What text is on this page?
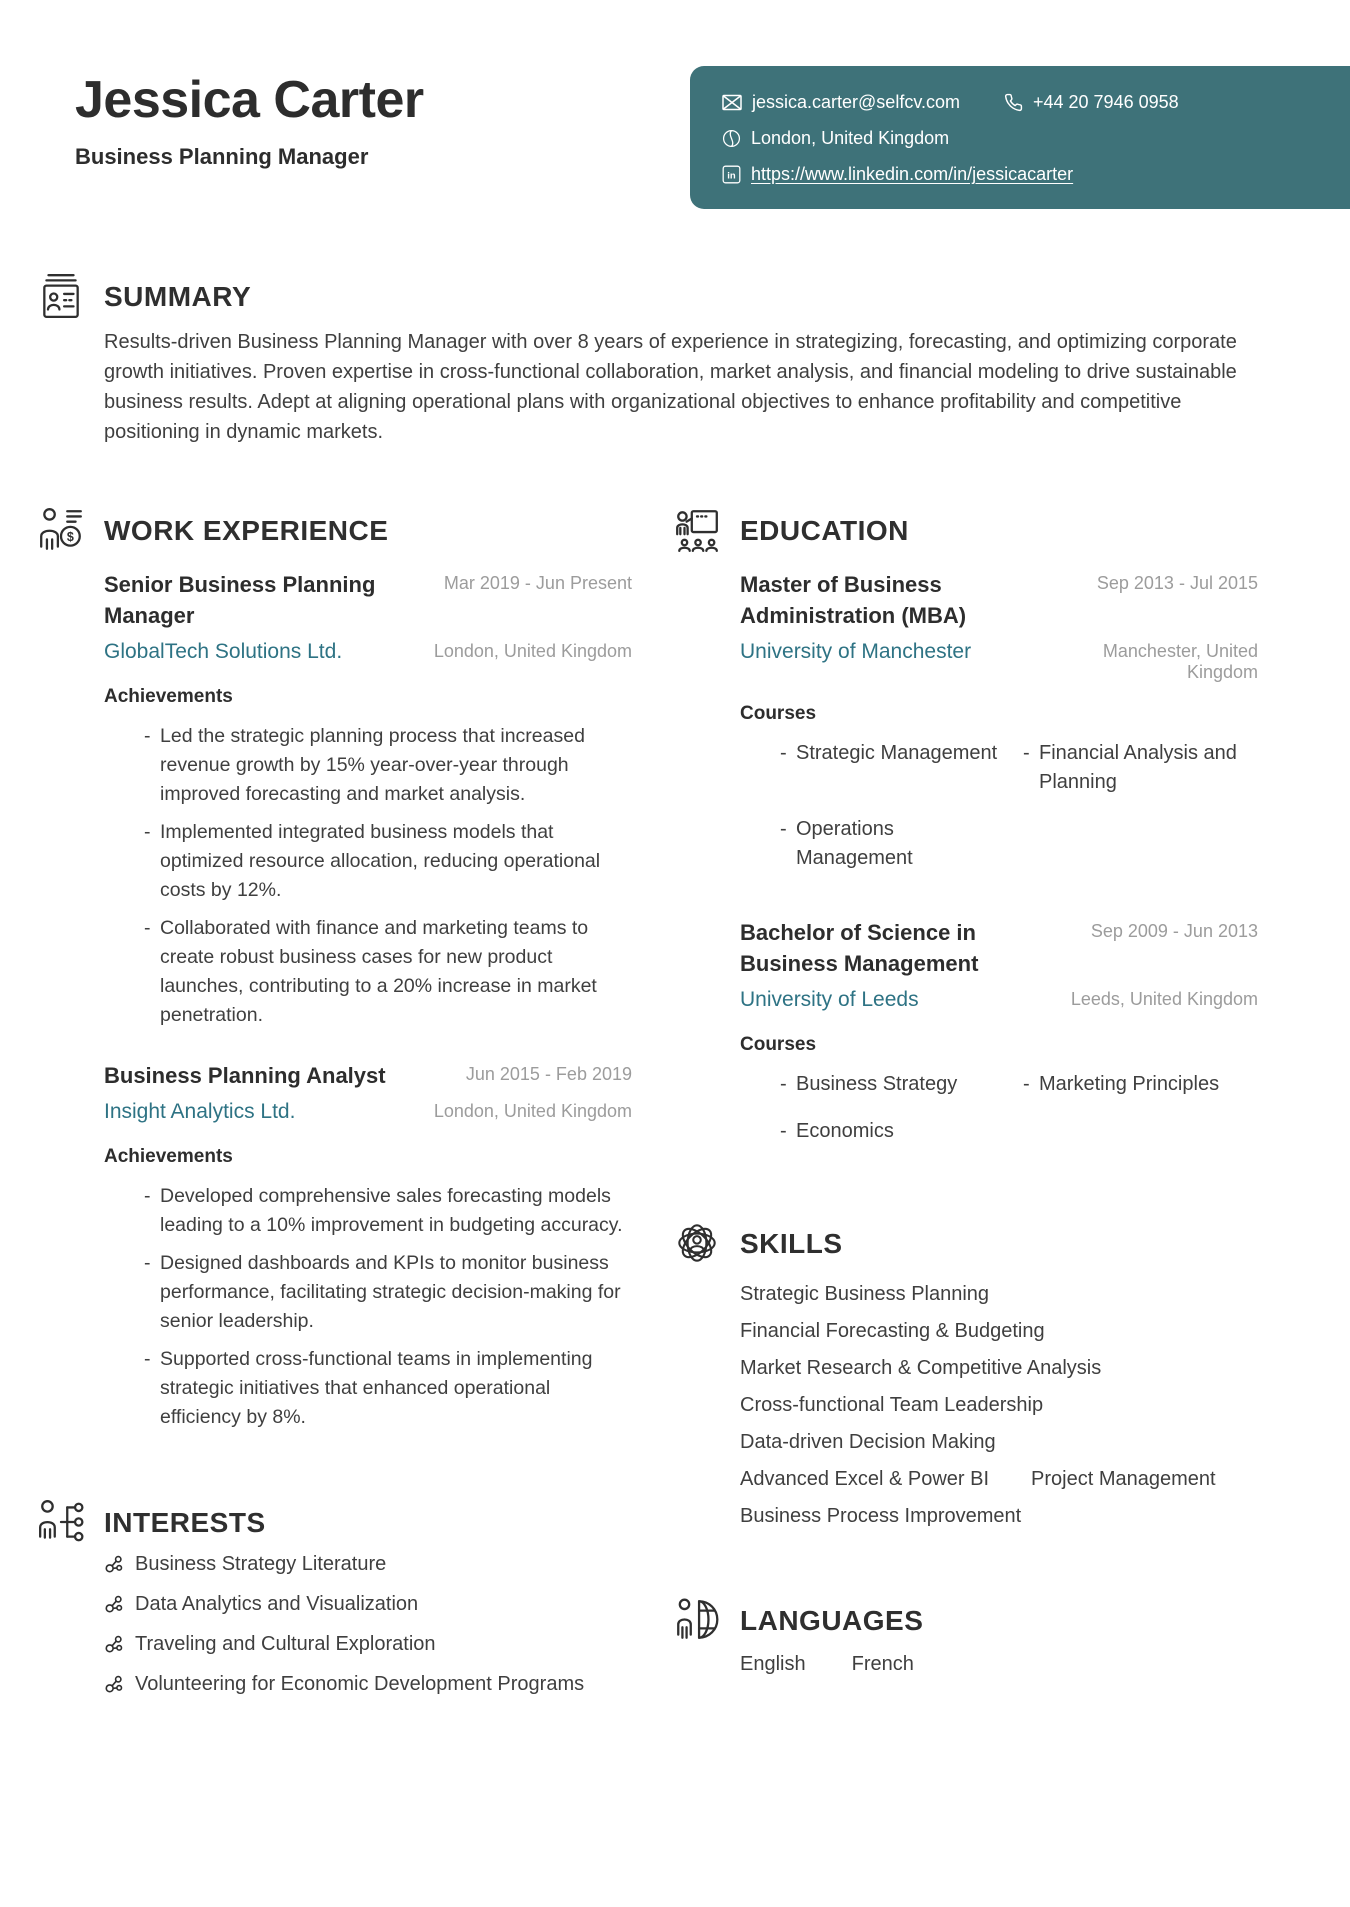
Jessica Carter
Business Planning Manager
jessica.carter@selfcv.com	+44 20 7946 0958
London, United Kingdom
in https://www.linkedin.com/in/jessicacarter
SUMMARY
Results-driven Business Planning Manager with over 8 years of experience in strategizing, forecasting, and optimizing corporate growth initiatives. Proven expertise in cross-functional collaboration, market analysis, and financial modeling to drive sustainable business results. Adept at aligning operational plans with organizational objectives to enhance profitability and competitive positioning in dynamic markets.
$ WORK EXPERIENCE
Senior Business Planning Manager
Mar 2019 - Jun Present
GlobalTech Solutions Ltd.	London, United Kingdom
Achievements
- Led the strategic planning process that increased revenue growth by 15% year-over-year through improved forecasting and market analysis.
- Implemented integrated business models that optimized resource allocation, reducing operational costs by 12%.
- Collaborated with finance and marketing teams to create robust business cases for new product launches, contributing to a 20% increase in market penetration.
Business Planning Analyst	Jun 2015 - Feb 2019
Insight Analytics Ltd.	London, United Kingdom
Achievements
- Developed comprehensive sales forecasting models leading to a 10% improvement in budgeting accuracy.
- Designed dashboards and KPIs to monitor business performance, facilitating strategic decision-making for senior leadership.
- Supported cross-functional teams in implementing strategic initiatives that enhanced operational efficiency by 8%.
INTERESTS
Business Strategy Literature
Data Analytics and Visualization
Traveling and Cultural Exploration
Volunteering for Economic Development Programs
EDUCATION
Master of Business Administration (MBA)
Sep 2013 - Jul 2015
University of Manchester	Manchester, United Kingdom
Courses
- Strategic Management	- Financial Analysis and Planning
- Operations Management
Bachelor of Science in Business Management
Sep 2009 - Jun 2013
University of Leeds	Leeds, United Kingdom
Courses
- Business Strategy	- Marketing Principles
- Economics
SKILLS
Strategic Business Planning
Financial Forecasting & Budgeting
Market Research & Competitive Analysis
Cross-functional Team Leadership
Data-driven Decision Making
Advanced Excel & Power BI Project Management
Business Process Improvement
LANGUAGES
English French
